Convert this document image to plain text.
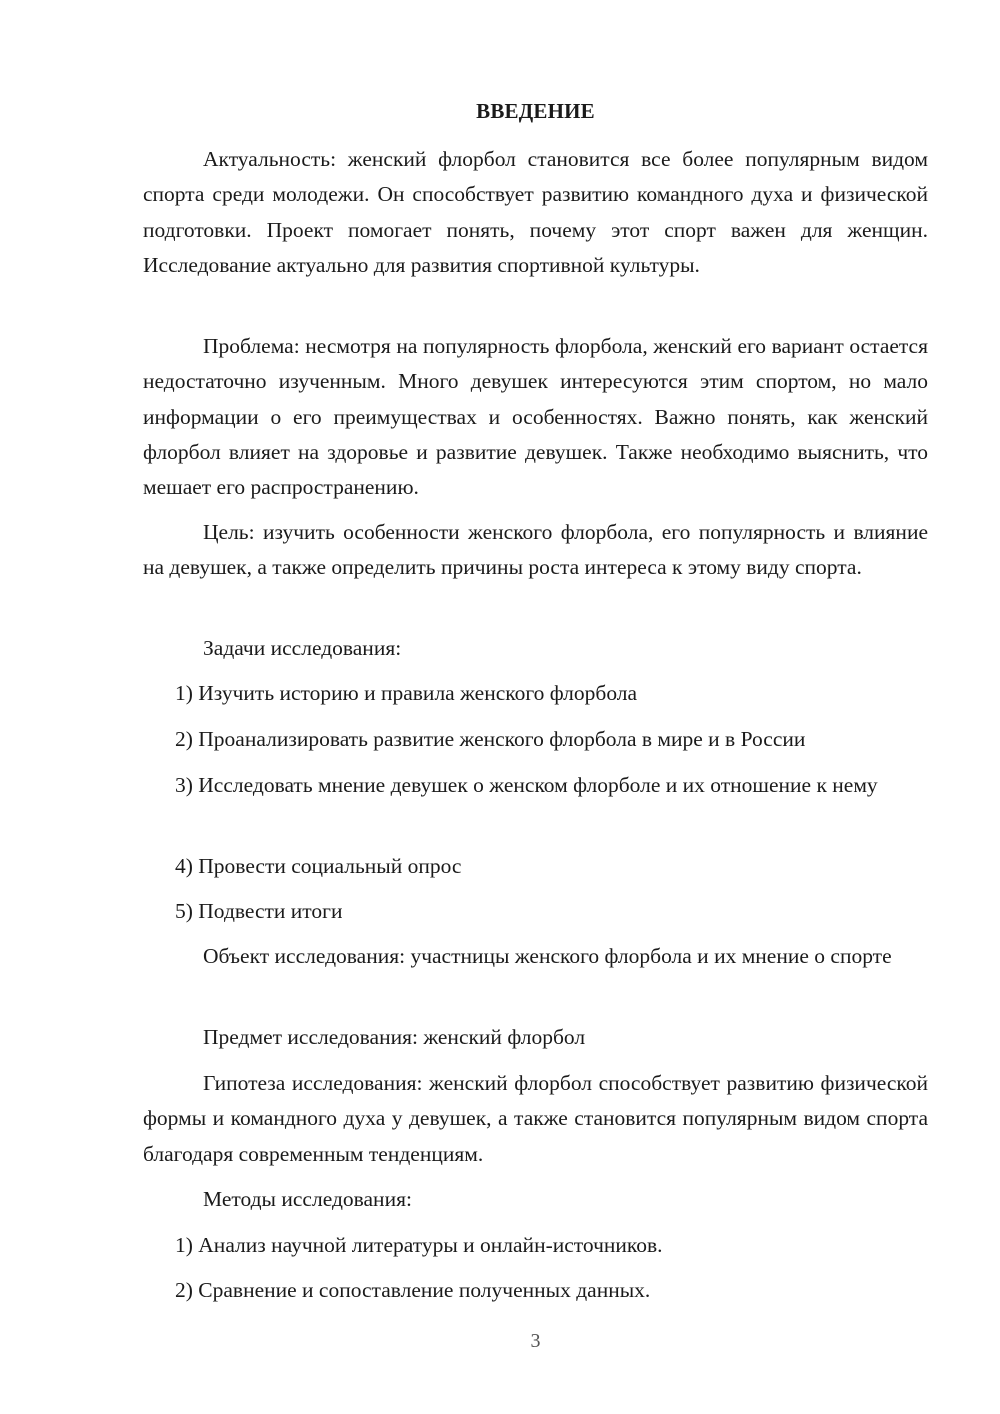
ВВЕДЕНИЕ

Актуальность: женский флорбол становится все более популярным видом спорта среди молодежи. Он способствует развитию командного духа и физической подготовки. Проект помогает понять, почему этот спорт важен для женщин. Исследование актуально для развития спортивной культуры.

Проблема: несмотря на популярность флорбола, женский его вариант остается недостаточно изученным. Много девушек интересуются этим спортом, но мало информации о его преимуществах и особенностях. Важно понять, как женский флорбол влияет на здоровье и развитие девушек. Также необходимо выяснить, что мешает его распространению.

Цель: изучить особенности женского флорбола, его популярность и влияние на девушек, а также определить причины роста интереса к этому виду спорта.

Задачи исследования:

1) Изучить историю и правила женского флорбола

2) Проанализировать развитие женского флорбола в мире и в России

3) Исследовать мнение девушек о женском флорболе и их отношение к нему

4) Провести социальный опрос

5) Подвести итоги

Объект исследования: участницы женского флорбола и их мнение о спорте

Предмет исследования: женский флорбол

Гипотеза исследования: женский флорбол способствует развитию физической формы и командного духа у девушек, а также становится популярным видом спорта благодаря современным тенденциям.

Методы исследования:

1) Анализ научной литературы и онлайн-источников.

2) Сравнение и сопоставление полученных данных.

3
